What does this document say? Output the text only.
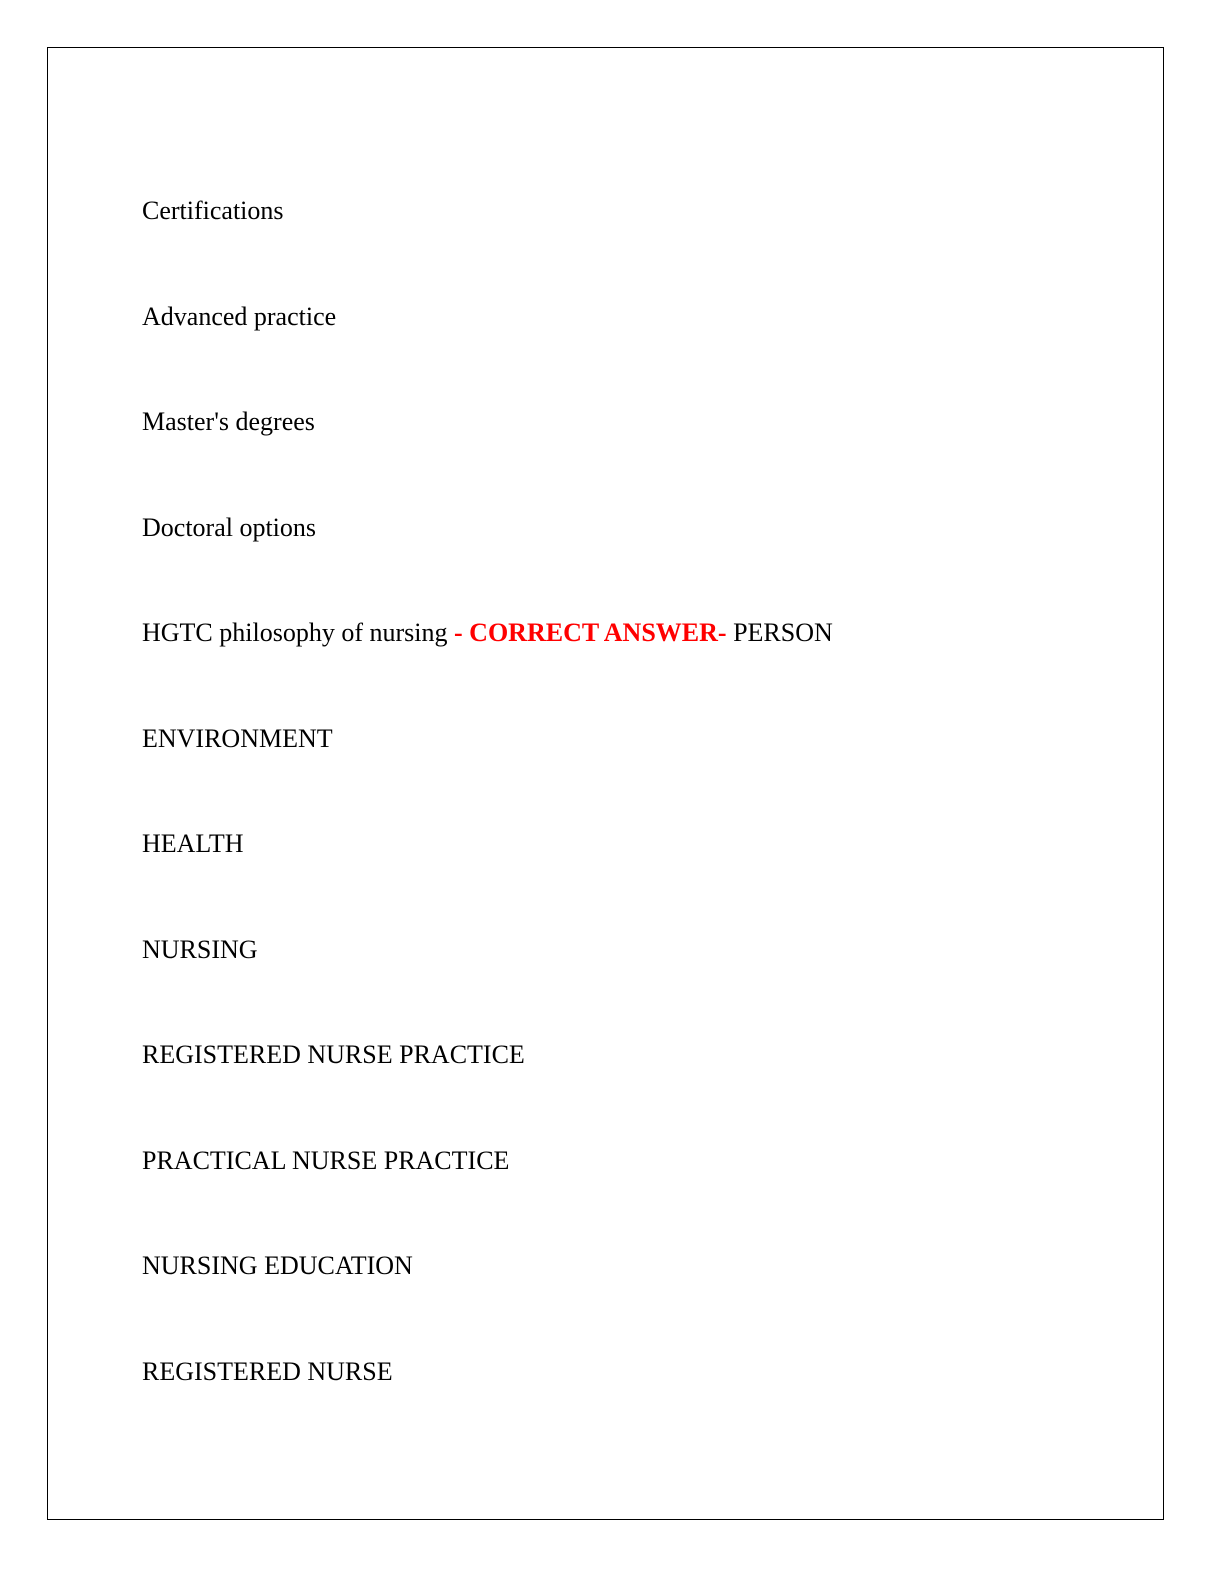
Certifications
Advanced practice
Master's degrees
Doctoral options
HGTC philosophy of nursing - CORRECT ANSWER- PERSON
ENVIRONMENT
HEALTH
NURSING
REGISTERED NURSE PRACTICE
PRACTICAL NURSE PRACTICE
NURSING EDUCATION
REGISTERED NURSE
